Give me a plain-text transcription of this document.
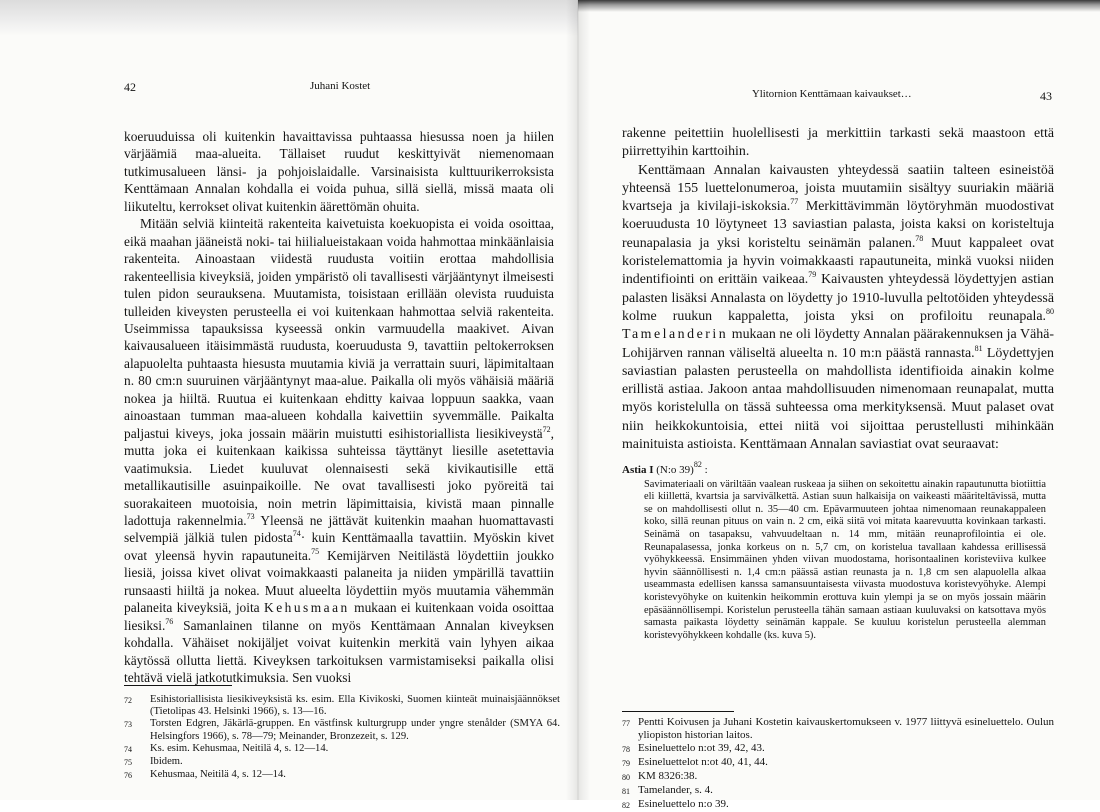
42	Juhani Kostet

koeruuduissa oli kuitenkin havaittavissa puhtaassa hiesussa noen ja hiilen värjäämiä maa-alueita. Tällaiset ruudut keskittyivät niemenomaan tutkimusalueen länsi- ja pohjoislaidalle. Varsinaisista kulttuurikerroksista Kenttämaan Annalan kohdalla ei voida puhua, sillä siellä, missä maata oli liikuteltu, kerrokset olivat kuitenkin äärettömän ohuita.

Mitään selviä kiinteitä rakenteita kaivetuista koekuopista ei voida osoittaa, eikä maahan jääneistä noki- tai hiilialueistakaan voida hahmottaa minkäänlaisia rakenteita. Ainoastaan viidestä ruudusta voitiin erottaa mahdollisia rakenteellisia kiveyksiä, joiden ympäristö oli tavallisesti värjääntynyt ilmeisesti tulen pidon seurauksena. Muutamista, toisistaan erillään olevista ruuduista tulleiden kiveysten perusteella ei voi kuitenkaan hahmottaa selviä rakenteita. Useimmissa tapauksissa kyseessä onkin varmuudella maakivet. Aivan kaivausalueen itäisimmästä ruudusta, koeruudusta 9, tavattiin peltokerroksen alapuolelta puhtaasta hiesusta muutamia kiviä ja verrattain suuri, läpimitaltaan n. 80 cm:n suuruinen värjääntynyt maa-alue. Paikalla oli myös vähäisiä määriä nokea ja hiiltä. Ruutua ei kuitenkaan ehditty kaivaa loppuun saakka, vaan ainoastaan tumman maa-alueen kohdalla kaivettiin syvemmälle. Paikalta paljastui kiveys, joka jossain määrin muistutti esihistoriallista liesikiveystä$^{72}$, mutta joka ei kuitenkaan kaikissa suhteissa täyttänyt liesille asetettavia vaatimuksia. Liedet kuuluvat olennaisesti sekä kivikautisille että metallikautisille asuinpaikoille. Ne ovat tavallisesti joko pyöreitä tai suorakaiteen muotoisia, noin metrin läpimittaisia, kivistä maan pinnalle ladottuja rakennelmia.$^{73}$ Yleensä ne jättävät kuitenkin maahan huomattavasti selvempiä jälkiä tulen pidosta$^{74}$· kuin Kenttämaalla tavattiin. Myöskin kivet ovat yleensä hyvin rapautuneita.$^{75}$ Kemijärven Neitilästä löydettiin joukko liesiä, joissa kivet olivat voimakkaasti palaneita ja niiden ympärillä tavattiin runsaasti hiiltä ja nokea. Muut alueelta löydettiin myös muutamia vähemmän palaneita kiveyksiä, joita Kehusmaan mukaan ei kuitenkaan voida osoittaa liesiksi.$^{76}$ Samanlainen tilanne on myös Kenttämaan Annalan kiveyksen kohdalla. Vähäiset nokijäljet voivat kuitenkin merkitä vain lyhyen aikaa käytössä ollutta liettä. Kiveyksen tarkoituksen varmistamiseksi paikalla olisi tehtävä vielä jatkotutkimuksia. Sen vuoksi

72	Esihistoriallisista liesikiveyksistä ks. esim. Ella Kivikoski, Suomen kiinteät muinaisjäännökset (Tietolipas 43. Helsinki 1966), s. 13—16.
73	Torsten Edgren, Jäkärlä-gruppen. En västfinsk kulturgrupp under yngre stenålder (SMYA 64. Helsingfors 1966), s. 78—79; Meinander, Bronzezeit, s. 129.
74	Ks. esim. Kehusmaa, Neitilä 4, s. 12—14.
75	Ibidem.
76	Kehusmaa, Neitilä 4, s. 12—14.
Ylitornion Kenttämaan kaivaukset…	43

rakenne peitettiin huolellisesti ja merkittiin tarkasti sekä maastoon että piirrettyihin karttoihin.

Kenttämaan Annalan kaivausten yhteydessä saatiin talteen esineistöä yhteensä 155 luettelonumeroa, joista muutamiin sisältyy suuriakin määriä kvartseja ja kivilaji-iskoksia.$^{77}$ Merkittävimmän löytöryhmän muodostivat koeruudusta 10 löytyneet 13 saviastian palasta, joista kaksi on koristeltuja reunapalasia ja yksi koristeltu seinämän palanen.$^{78}$ Muut kappaleet ovat koristelemattomia ja hyvin voimakkaasti rapautuneita, minkä vuoksi niiden indentifiointi on erittäin vaikeaa.$^{79}$ Kaivausten yhteydessä löydettyjen astian palasten lisäksi Annalasta on löydetty jo 1910-luvulla peltotöiden yhteydessä kolme ruukun kappaletta, joista yksi on profiloitu reunapala.$^{80}$ Tamelanderin mukaan ne oli löydetty Annalan päärakennuksen ja Vähä-Lohijärven rannan väliseltä alueelta n. 10 m:n päästä rannasta.$^{81}$ Löydettyjen saviastian palasten perusteella on mahdollista identifioida ainakin kolme erillistä astiaa. Jakoon antaa mahdollisuuden nimenomaan reunapalat, mutta myös koristelulla on tässä suhteessa oma merkityksensä. Muut palaset ovat niin heikkokuntoisia, ettei niitä voi sijoittaa perustellusti mihinkään mainituista astioista. Kenttämaan Annalan saviastiat ovat seuraavat:

Astia I (N:o 39)$^{82}$ :
Savimateriaali on väriltään vaalean ruskeaa ja siihen on sekoitettu ainakin rapautunutta biotiittia eli kiillettä, kvartsia ja sarvivälkettä. Astian suun halkaisija on vaikeasti määriteltävissä, mutta se on mahdollisesti ollut n. 35—40 cm. Epävarmuuteen johtaa nimenomaan reunakappaleen koko, sillä reunan pituus on vain n. 2 cm, eikä siitä voi mitata kaarevuutta kovinkaan tarkasti. Seinämä on tasapaksu, vahvuudeltaan n. 14 mm, mitään reunaprofilointia ei ole. Reunapalasessa, jonka korkeus on n. 5,7 cm, on koristelua tavallaan kahdessa erillisessä vyöhykkeessä. Ensimmäinen yhden viivan muodostama, horisontaalinen koristeviiva kulkee hyvin säännöllisesti n. 1,4 cm:n päässä astian reunasta ja n. 1,8 cm sen alapuolella alkaa useammasta edellisen kanssa samansuuntaisesta viivasta muodostuva koristevyöhyke. Alempi koristevyöhyke on kuitenkin heikommin erottuva kuin ylempi ja se on myös jossain määrin epäsäännöllisempi. Koristelun perusteella tähän samaan astiaan kuuluvaksi on katsottava myös samasta paikasta löydetty seinämän kappale. Se kuuluu koristelun perusteella alemman koristevyöhykkeen kohdalle (ks. kuva 5).
77 Pentti Koivusen ja Juhani Kostetin kaivauskertomukseen v. 1977 liittyvä esineluettelo. Oulun yliopiston historian laitos.
78 Esineluettelo n:ot 39, 42, 43.
79 Esineluettelot n:ot 40, 41, 44.
80 KM 8326:38.
81 Tamelander, s. 4.
82 Esineluettelo n:o 39.
